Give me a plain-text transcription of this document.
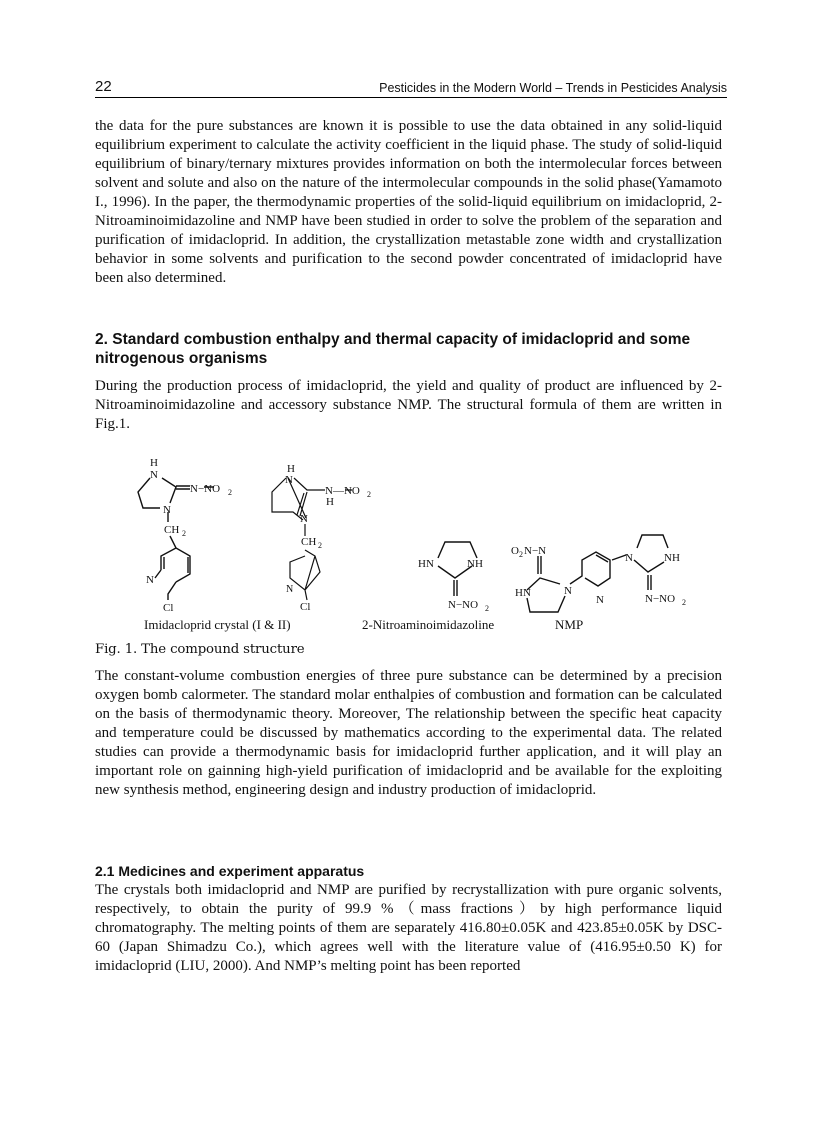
22	Pesticides in the Modern World – Trends in Pesticides Analysis

the data for the pure substances are known it is possible to use the data obtained in any solid-liquid equilibrium experiment to calculate the activity coefficient in the liquid phase. The study of solid-liquid equilibrium of binary/ternary mixtures provides information on both the intermolecular forces between solvent and solute and also on the nature of the intermolecular compounds in the solid phase(Yamamoto I., 1996). In the paper, the thermodynamic properties of the solid-liquid equilibrium on imidacloprid, 2-Nitroaminoimidazoline and NMP have been studied in order to solve the problem of the separation and purification of imidacloprid. In addition, the crystallization metastable zone width and crystallization behavior in some solvents and purification to the second powder concentrated of imidacloprid have been also determined.

2. Standard combustion enthalpy and thermal capacity of imidacloprid and some nitrogenous organisms

During the production process of imidacloprid, the yield and quality of product are influenced by 2-Nitroaminoimidazoline and accessory substance NMP. The structural formula of them are written in Fig.1.

H
N
N−NO 2
N
CH 2
N
Cl
H
N
N—NO 2
H
N
CH 2
N
Cl
HN	NH
N−NO 2
O 2 N−N
HN	N
N
N	NH
N−NO 2
Imidacloprid crystal (I & II)	2-Nitroaminoimidazoline	NMP

Fig. 1. The compound structure

The constant-volume combustion energies of three pure substance can be determined by a precision oxygen bomb calormeter. The standard molar enthalpies of combustion and formation can be calculated on the basis of thermodynamic theory. Moreover, The relationship between the specific heat capacity and temperature could be discussed by mathematics according to the experimental data. The related studies can provide a thermodynamic basis for imidacloprid further application, and it will play an important role on gainning high-yield purification of imidacloprid and be available for the exploiting new synthesis method, engineering design and industry production of imidacloprid.

2.1 Medicines and experiment apparatus

The crystals both imidacloprid and NMP are purified by recrystallization with pure organic solvents, respectively, to obtain the purity of 99.9 %（mass fractions）by high performance liquid chromatography. The melting points of them are separately 416.80±0.05K and 423.85±0.05K by DSC-60 (Japan Shimadzu Co.), which agrees well with the literature value of (416.95±0.50 K) for imidacloprid (LIU, 2000). And NMP’s melting point has been reported
